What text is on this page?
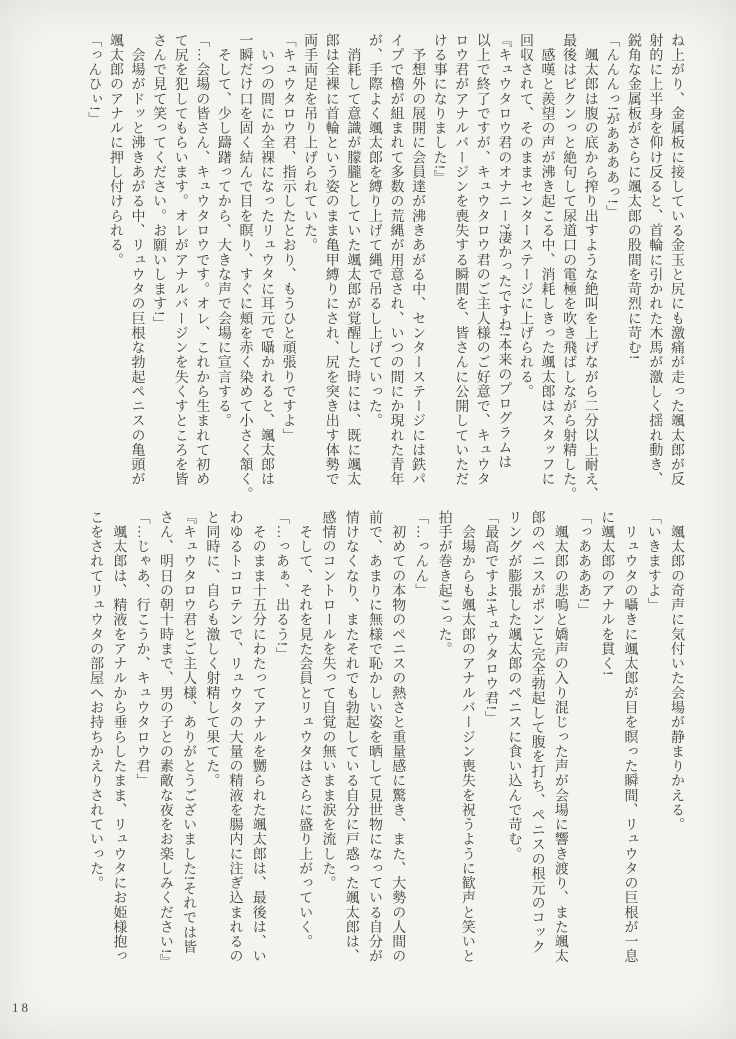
ね上がり、金属板に接している金玉と尻にも激痛が走った颯太郎が反
射的に上半身を仰け反ると、首輪に引かれた木馬が激しく揺れ動き、
鋭角な金属板がさらに颯太郎の股間を苛烈に苛む!
「んんんっ!がああああっ!」
　颯太郎は腹の底から搾り出すような絶叫を上げながら二分以上耐え、
最後はビクンっと絶句して尿道口の電極を吹き飛ばしながら射精した。
　感嘆と羨望の声が沸き起こる中、消耗しきった颯太郎はスタッフに
回収されて、そのままセンターステージに上げられる。
『キュウタロウ君のオナニー?凄かったですね!本来のプログラムは
以上で終了ですが、キュウタロウ君のご主人様のご好意で、キュウタ
ロウ君がアナルバージンを喪失する瞬間を、皆さんに公開していただ
ける事になりました!』
　予想外の展開に会員達が沸きあがる中、センターステージには鉄パ
イプで櫓が組まれて多数の荒縄が用意され、いつの間にか現れた青年
が、手際よく颯太郎を縛り上げて縄で吊るし上げていった。
　消耗して意識が朦朧としていた颯太郎が覚醒した時には、既に颯太
郎は全裸に首輪という姿のまま亀甲縛りにされ、尻を突き出す体勢で
両手両足を吊り上げられていた。
「キュウタロウ君、指示したとおり、もうひと頑張りですよ」
　いつの間にか全裸になったリュウタに耳元で囁かれると、颯太郎は
一瞬だけ口を固く結んで目を瞑り、すぐに頬を赤く染めて小さく頷く。
　そして、少し躊躇ってから、大きな声で会場に宣言する。
「…会場の皆さん、キュウタロウです。オレ、これから生まれて初め
て尻を犯してもらいます。オレがアナルバージンを失くすところを皆
さんで見て笑ってください。お願いします!」
　会場がドッと沸きあがる中、リュウタの巨根な勃起ペニスの亀頭が
颯太郎のアナルに押し付けられる。
「っんひぃ!」
　颯太郎の奇声に気付いた会場が静まりかえる。
「いきますよ」
　リュウタの囁きに颯太郎が目を瞑った瞬間、リュウタの巨根が一息
に颯太郎のアナルを貫く!
「っああああ!」
　颯太郎の悲鳴と嬌声の入り混じった声が会場に響き渡り、また颯太
郎のペニスがポン!と完全勃起して腹を打ち、ペニスの根元のコック
リングが膨張した颯太郎のペニスに食い込んで苛む。
「最高ですよ!キュウタロウ君!」
　会場からも颯太郎のアナルバージン喪失を祝うように歓声と笑いと
拍手が巻き起こった。
「…っんん」
　初めての本物のペニスの熱さと重量感に驚き、また、大勢の人間の
前で、あまりに無様で恥かしい姿を晒して見世物になっている自分が
情けなくなり、またそれでも勃起している自分に戸惑った颯太郎は、
感情のコントロールを失って自覚の無いまま涙を流した。
　そして、それを見た会員とリュウタはさらに盛り上がっていく。
「…っあぁ、出るう!」
　そのまま十五分にわたってアナルを嬲られた颯太郎は、最後は、い
わゆるトコロテンで、リュウタの大量の精液を腸内に注ぎ込まれるの
と同時に、自らも激しく射精して果てた。
『キュウタロウ君とご主人様、ありがとうございました!それでは皆
さん、明日の朝十時まで、男の子との素敵な夜をお楽しみください!』
「…じゃあ、行こうか、キュウタロウ君」
　颯太郎は、精液をアナルから垂らしたまま、リュウタにお姫様抱っ
こをされてリュウタの部屋へお持ちかえりされていった。
18
